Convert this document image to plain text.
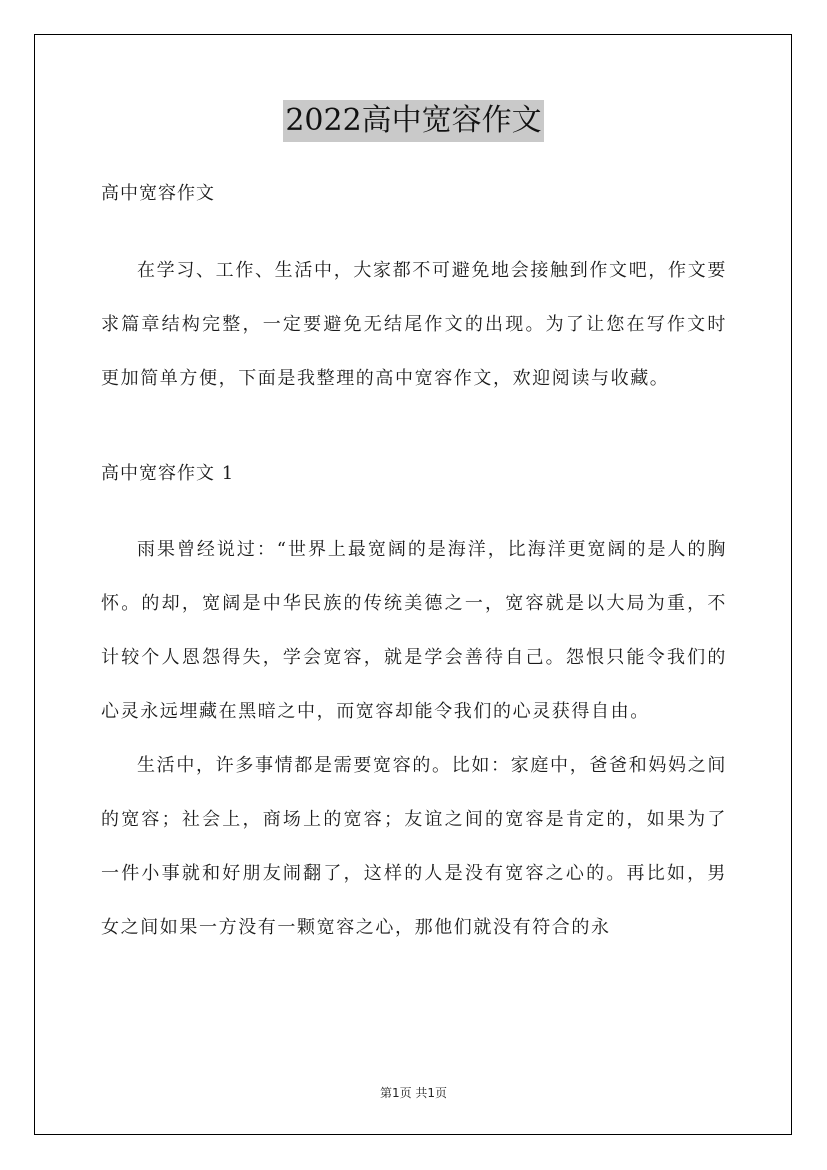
2022高中宽容作文

高中宽容作文

在学习、工作、生活中，大家都不可避免地会接触到作文吧，作文要求篇章结构完整，一定要避免无结尾作文的出现。为了让您在写作文时更加简单方便，下面是我整理的高中宽容作文，欢迎阅读与收藏。

高中宽容作文 1

雨果曾经说过：“世界上最宽阔的是海洋，比海洋更宽阔的是人的胸怀。的却，宽阔是中华民族的传统美德之一，宽容就是以大局为重，不计较个人恩怨得失，学会宽容，就是学会善待自己。怨恨只能令我们的心灵永远埋藏在黑暗之中，而宽容却能令我们的心灵获得自由。

生活中，许多事情都是需要宽容的。比如：家庭中，爸爸和妈妈之间的宽容；社会上，商场上的宽容；友谊之间的宽容是肯定的，如果为了一件小事就和好朋友闹翻了，这样的人是没有宽容之心的。再比如，男女之间如果一方没有一颗宽容之心，那他们就没有符合的永

第1页 共1页
